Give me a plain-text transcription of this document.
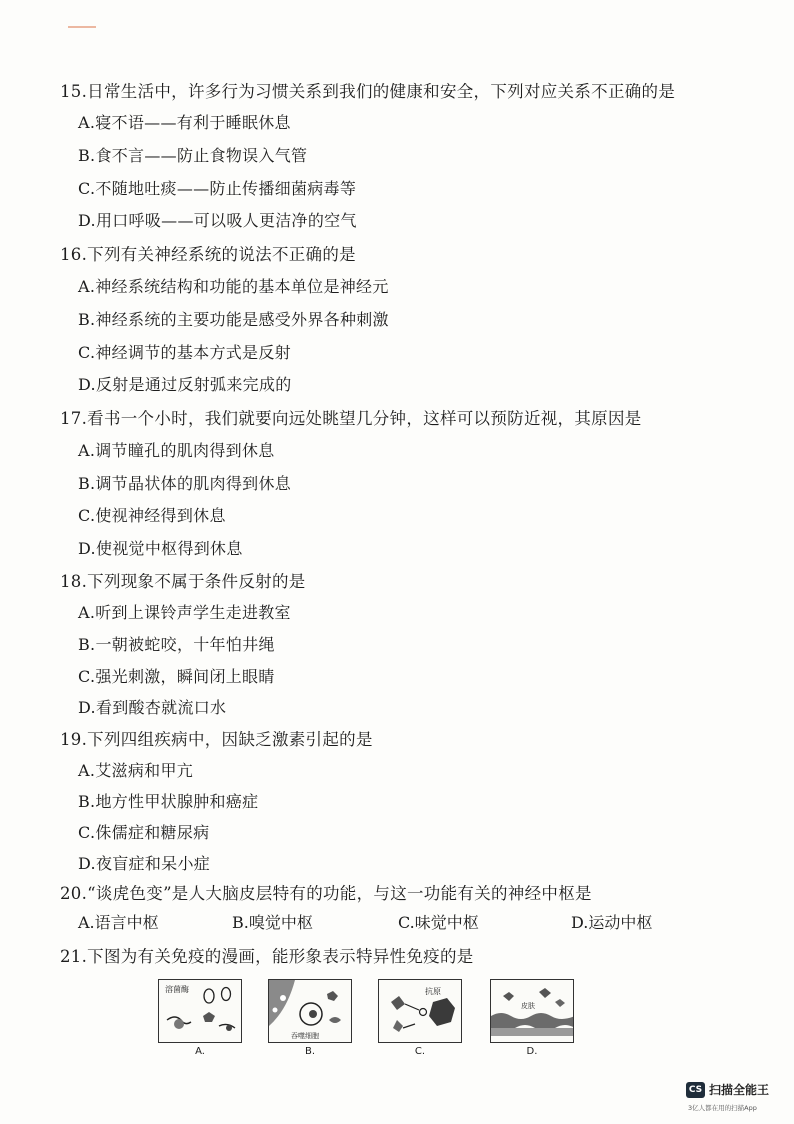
15.日常生活中，许多行为习惯关系到我们的健康和安全，下列对应关系不正确的是
A.寝不语——有利于睡眠休息
B.食不言——防止食物误入气管
C.不随地吐痰——防止传播细菌病毒等
D.用口呼吸——可以吸人更洁净的空气
16.下列有关神经系统的说法不正确的是
A.神经系统结构和功能的基本单位是神经元
B.神经系统的主要功能是感受外界各种刺激
C.神经调节的基本方式是反射
D.反射是通过反射弧来完成的
17.看书一个小时，我们就要向远处眺望几分钟，这样可以预防近视，其原因是
A.调节瞳孔的肌肉得到休息
B.调节晶状体的肌肉得到休息
C.使视神经得到休息
D.使视觉中枢得到休息
18.下列现象不属于条件反射的是
A.听到上课铃声学生走进教室
B.一朝被蛇咬，十年怕井绳
C.强光刺激，瞬间闭上眼睛
D.看到酸杏就流口水
19.下列四组疾病中，因缺乏激素引起的是
A.艾滋病和甲亢
B.地方性甲状腺肿和癌症
C.侏儒症和糖尿病
D.夜盲症和呆小症
20.“谈虎色变”是人大脑皮层特有的功能，与这一功能有关的神经中枢是
A.语言中枢	B.嗅觉中枢	C.味觉中枢	D.运动中枢
21.下图为有关免疫的漫画，能形象表示特异性免疫的是
溶菌酶
A.
吞噬细胞
B.
抗原
C.
皮肤
D.
CS 扫描全能王
3亿人都在用的扫描App
